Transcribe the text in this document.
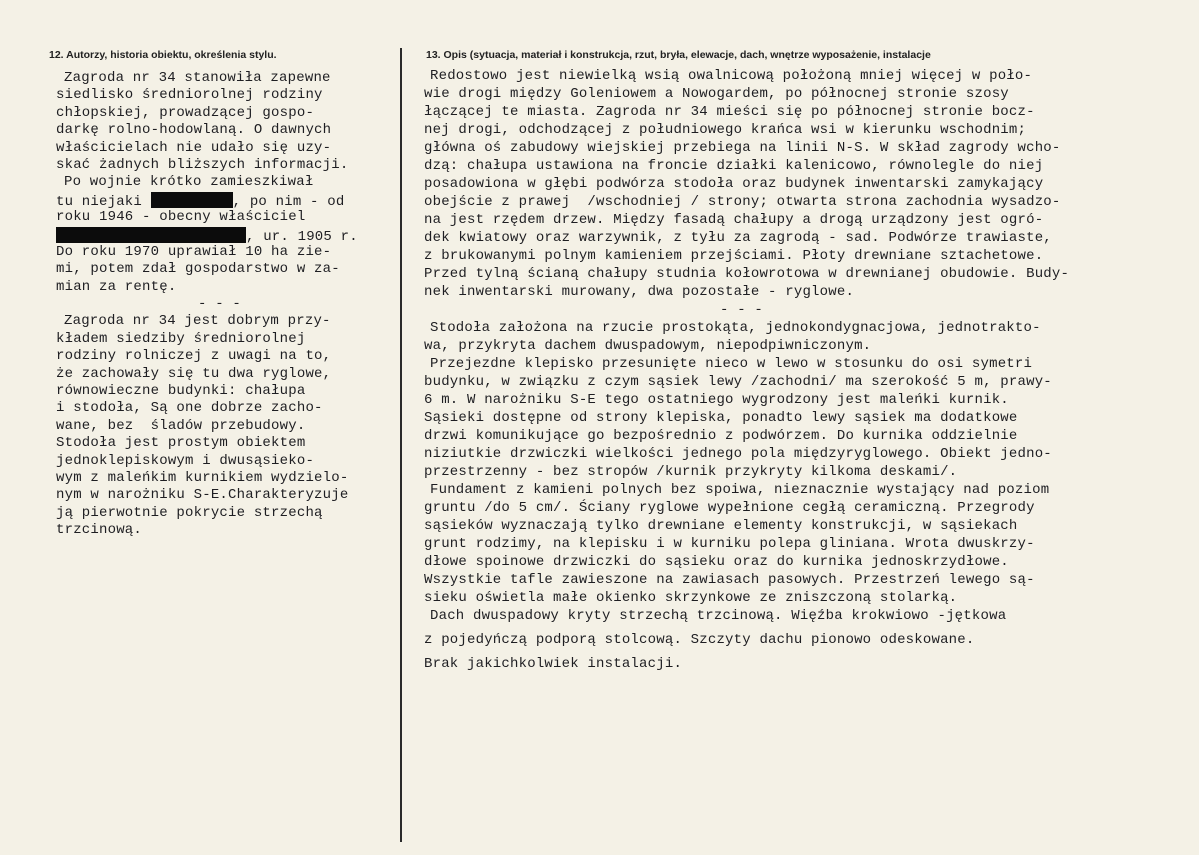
12. Autorzy, historia obiektu, określenia stylu.	13. Opis (sytuacja, materiał i konstrukcja, rzut, bryła, elewacje, dach, wnętrze wyposażenie, instalacje
Zagroda nr 34 stanowiła zapewne
siedlisko średniorolnej rodziny
chłopskiej, prowadzącej gospo-
darkę rolno-hodowlaną. O dawnych
właścicielach nie udało się uzy-
skać żadnych bliższych informacji.
Po wojnie krótko zamieszkiwał
tu niejaki	, po nim - od
roku 1946 - obecny właściciel
, ur. 1905 r.
Do roku 1970 uprawiał 10 ha zie-
mi, potem zdał gospodarstwo w za-
mian za rentę.
- - -
Zagroda nr 34 jest dobrym przy-
kładem siedziby średniorolnej
rodziny rolniczej z uwagi na to,
że zachowały się tu dwa ryglowe,
równowieczne budynki: chałupa
i stodoła, Są one dobrze zacho-
wane, bez  śladów przebudowy.
Stodoła jest prostym obiektem
jednoklepiskowym i dwusąsieko-
wym z maleńkim kurnikiem wydzielo-
nym w narożniku S-E.Charakteryzuje
ją pierwotnie pokrycie strzechą
trzcinową.
Redostowo jest niewielką wsią owalnicową położoną mniej więcej w poło-
wie drogi między Goleniowem a Nowogardem, po północnej stronie szosy
łączącej te miasta. Zagroda nr 34 mieści się po północnej stronie bocz-
nej drogi, odchodzącej z południowego krańca wsi w kierunku wschodnim;
główna oś zabudowy wiejskiej przebiega na linii N-S. W skład zagrody wcho-
dzą: chałupa ustawiona na froncie działki kalenicowo, równolegle do niej
posadowiona w głębi podwórza stodoła oraz budynek inwentarski zamykający
obejście z prawej  /wschodniej / strony; otwarta strona zachodnia wysadzo-
na jest rzędem drzew. Między fasadą chałupy a drogą urządzony jest ogró-
dek kwiatowy oraz warzywnik, z tyłu za zagrodą - sad. Podwórze trawiaste,
z brukowanymi polnym kamieniem przejściami. Płoty drewniane sztachetowe.
Przed tylną ścianą chałupy studnia kołowrotowa w drewnianej obudowie. Budy-
nek inwentarski murowany, dwa pozostałe - ryglowe.
- - -
Stodoła założona na rzucie prostokąta, jednokondygnacjowa, jednotrakto-
wa, przykryta dachem dwuspadowym, niepodpiwniczonym.
Przejezdne klepisko przesunięte nieco w lewo w stosunku do osi symetri
budynku, w związku z czym sąsiek lewy /zachodni/ ma szerokość 5 m, prawy-
6 m. W narożniku S-E tego ostatniego wygrodzony jest maleńki kurnik.
Sąsieki dostępne od strony klepiska, ponadto lewy sąsiek ma dodatkowe
drzwi komunikujące go bezpośrednio z podwórzem. Do kurnika oddzielnie
niziutkie drzwiczki wielkości jednego pola międzyryglowego. Obiekt jedno-
przestrzenny - bez stropów /kurnik przykryty kilkoma deskami/.
Fundament z kamieni polnych bez spoiwa, nieznacznie wystający nad poziom
gruntu /do 5 cm/. Ściany ryglowe wypełnione cegłą ceramiczną. Przegrody
sąsieków wyznaczają tylko drewniane elementy konstrukcji, w sąsiekach
grunt rodzimy, na klepisku i w kurniku polepa gliniana. Wrota dwuskrzy-
dłowe spoinowe drzwiczki do sąsieku oraz do kurnika jednoskrzydłowe.
Wszystkie tafle zawieszone na zawiasach pasowych. Przestrzeń lewego są-
sieku oświetla małe okienko skrzynkowe ze zniszczoną stolarką.
Dach dwuspadowy kryty strzechą trzcinową. Więźba krokwiowo -jętkowa
z pojedyńczą podporą stolcową. Szczyty dachu pionowo odeskowane.
Brak jakichkolwiek instalacji.
